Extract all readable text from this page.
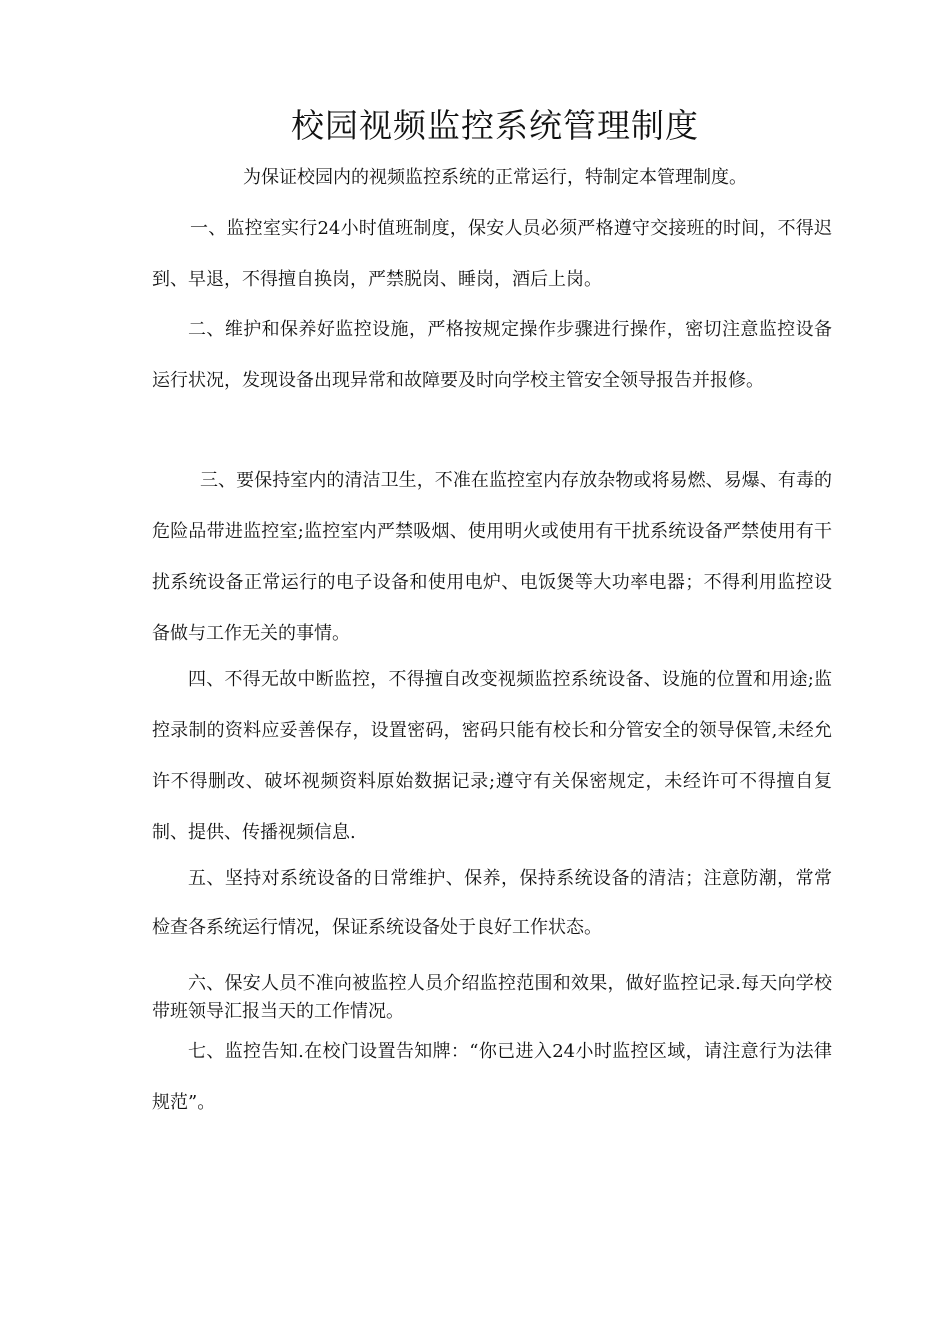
校园视频监控系统管理制度

为保证校园内的视频监控系统的正常运行，特制定本管理制度。

一、监控室实行24小时值班制度，保安人员必须严格遵守交接班的时间，不得迟到、早退，不得擅自换岗，严禁脱岗、睡岗，酒后上岗。

二、维护和保养好监控设施，严格按规定操作步骤进行操作，密切注意监控设备运行状况，发现设备出现异常和故障要及时向学校主管安全领导报告并报修。

三、要保持室内的清洁卫生，不准在监控室内存放杂物或将易燃、易爆、有毒的危险品带进监控室;监控室内严禁吸烟、使用明火或使用有干扰系统设备严禁使用有干扰系统设备正常运行的电子设备和使用电炉、电饭煲等大功率电器；不得利用监控设备做与工作无关的事情。

四、不得无故中断监控，不得擅自改变视频监控系统设备、设施的位置和用途;监控录制的资料应妥善保存，设置密码，密码只能有校长和分管安全的领导保管,未经允许不得删改、破坏视频资料原始数据记录;遵守有关保密规定，未经许可不得擅自复制、提供、传播视频信息.

五、坚持对系统设备的日常维护、保养，保持系统设备的清洁；注意防潮，常常检查各系统运行情况，保证系统设备处于良好工作状态。

六、保安人员不准向被监控人员介绍监控范围和效果，做好监控记录.每天向学校带班领导汇报当天的工作情况。

七、监控告知.在校门设置告知牌：“你已进入24小时监控区域，请注意行为法律规范”。
